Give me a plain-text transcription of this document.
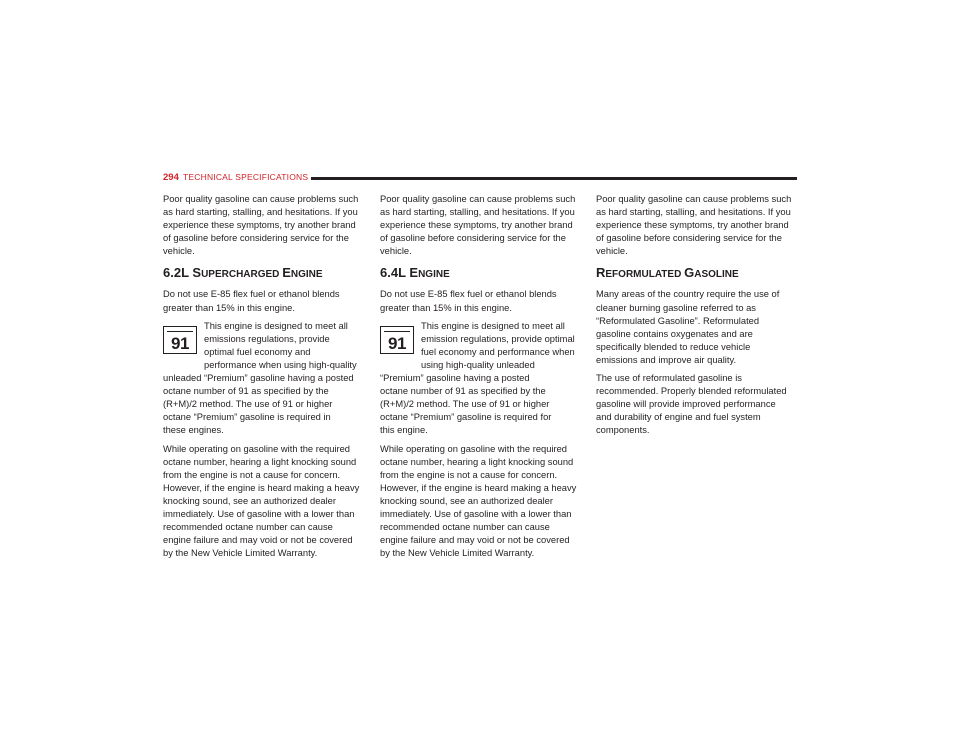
294 TECHNICAL SPECIFICATIONS

Poor quality gasoline can cause problems such
as hard starting, stalling, and hesitations. If you
experience these symptoms, try another brand
of gasoline before considering service for the
vehicle.

6.2L SUPERCHARGED ENGINE

Do not use E-85 flex fuel or ethanol blends
greater than 15% in this engine.

91

This engine is designed to meet all
emissions regulations, provide
optimal fuel economy and
performance when using high-quality
unleaded “Premium” gasoline having a posted
octane number of 91 as specified by the
(R+M)/2 method. The use of 91 or higher
octane “Premium” gasoline is required in
these engines.

While operating on gasoline with the required
octane number, hearing a light knocking sound
from the engine is not a cause for concern.
However, if the engine is heard making a heavy
knocking sound, see an authorized dealer
immediately. Use of gasoline with a lower than
recommended octane number can cause
engine failure and may void or not be covered
by the New Vehicle Limited Warranty.

Poor quality gasoline can cause problems such
as hard starting, stalling, and hesitations. If you
experience these symptoms, try another brand
of gasoline before considering service for the
vehicle.

6.4L ENGINE

Do not use E-85 flex fuel or ethanol blends
greater than 15% in this engine.

91

This engine is designed to meet all
emission regulations, provide optimal
fuel economy and performance when
using high-quality unleaded
“Premium” gasoline having a posted
octane number of 91 as specified by the
(R+M)/2 method. The use of 91 or higher
octane “Premium” gasoline is required for
this engine.

While operating on gasoline with the required
octane number, hearing a light knocking sound
from the engine is not a cause for concern.
However, if the engine is heard making a heavy
knocking sound, see an authorized dealer
immediately. Use of gasoline with a lower than
recommended octane number can cause
engine failure and may void or not be covered
by the New Vehicle Limited Warranty.

Poor quality gasoline can cause problems such
as hard starting, stalling, and hesitations. If you
experience these symptoms, try another brand
of gasoline before considering service for the
vehicle.

REFORMULATED GASOLINE

Many areas of the country require the use of
cleaner burning gasoline referred to as
“Reformulated Gasoline”. Reformulated
gasoline contains oxygenates and are
specifically blended to reduce vehicle
emissions and improve air quality.

The use of reformulated gasoline is
recommended. Properly blended reformulated
gasoline will provide improved performance
and durability of engine and fuel system
components.
